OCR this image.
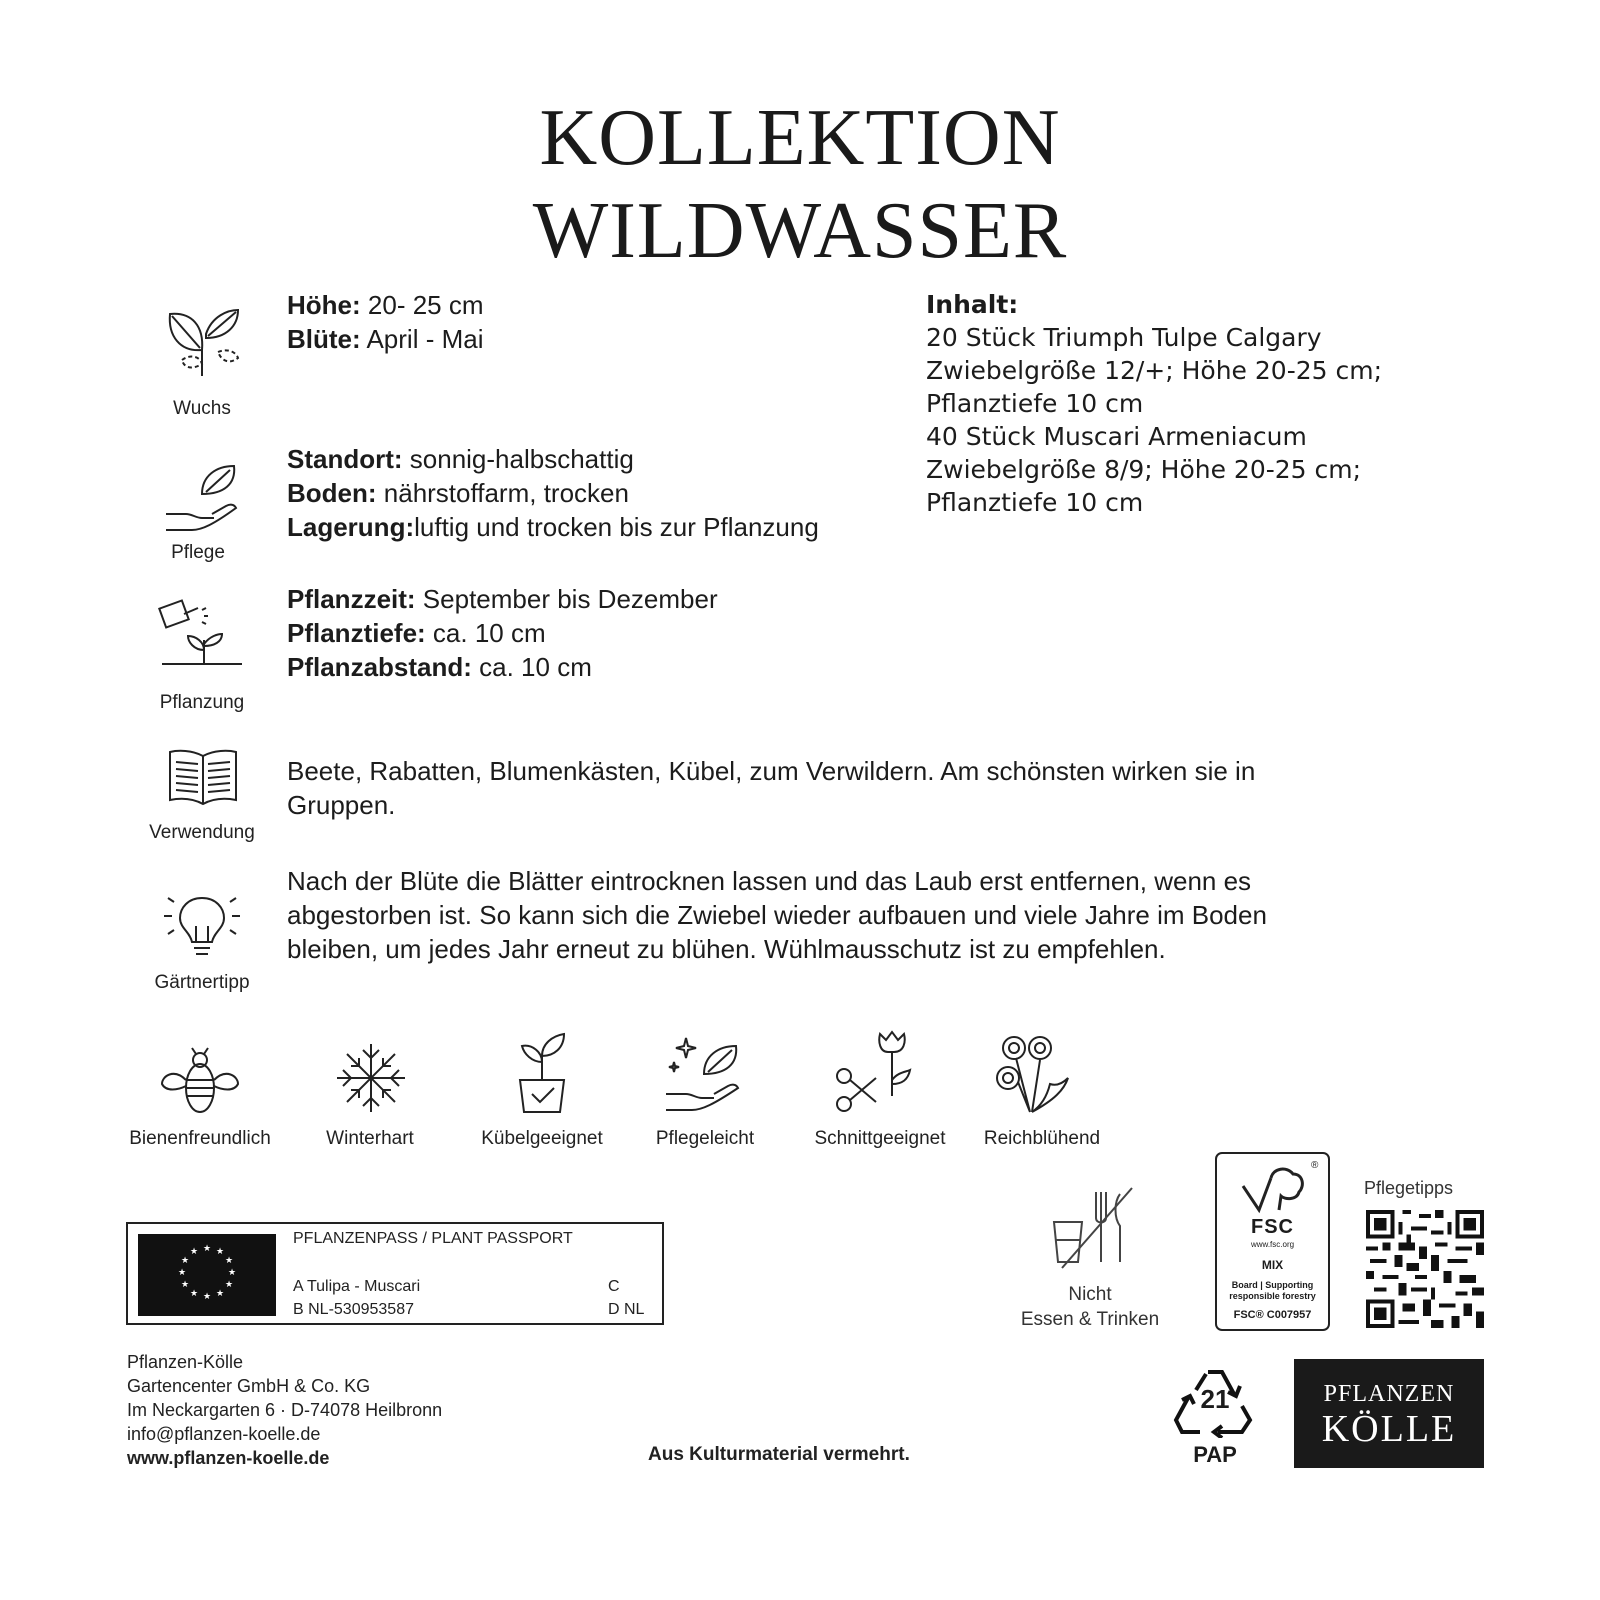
KOLLEKTION
WILDWASSER
Wuchs
Pflege
Pflanzung
Verwendung
Gärtnertipp
Höhe: 20- 25 cm
Blüte: April - Mai
Standort: sonnig-halbschattig
Boden: nährstoffarm, trocken
Lagerung:luftig und trocken bis zur Pflanzung
Pflanzzeit: September bis Dezember
Pflanztiefe: ca. 10 cm
Pflanzabstand: ca. 10 cm
Beete, Rabatten, Blumenkästen, Kübel, zum Verwildern. Am schönsten wirken sie in
Gruppen.
Nach der Blüte die Blätter eintrocknen lassen und das Laub erst entfernen, wenn es
abgestorben ist. So kann sich die Zwiebel wieder aufbauen und viele Jahre im Boden
bleiben, um jedes Jahr erneut zu blühen. Wühlmausschutz ist zu empfehlen.
Inhalt:
20 Stück Triumph Tulpe Calgary
Zwiebelgröße 12/+; Höhe 20-25 cm;
Pflanztiefe 10 cm
40 Stück Muscari Armeniacum
Zwiebelgröße 8/9; Höhe 20-25 cm;
Pflanztiefe 10 cm
Bienenfreundlich	Winterhart	Kübelgeeignet	Pflegeleicht	Schnittgeeignet	Reichblühend
★ ★
★
★
★
★
★
★
★
★
★
★
PFLANZENPASS / PLANT PASSPORT
A Tulipa - Muscari
B NL-530953587
C
D NL
Pflanzen-Kölle
Gartencenter GmbH & Co. KG
Im Neckargarten 6 · D-74078 Heilbronn
info@pflanzen-koelle.de
www.pflanzen-koelle.de	Aus Kulturmaterial vermehrt.
Nicht
Essen & Trinken
®
FSC
www.fsc.org
MIX
Board | Supporting
responsible forestry
FSC® C007957
Pflegetipps
21
PAP
PFLANZEN
KÖLLE
